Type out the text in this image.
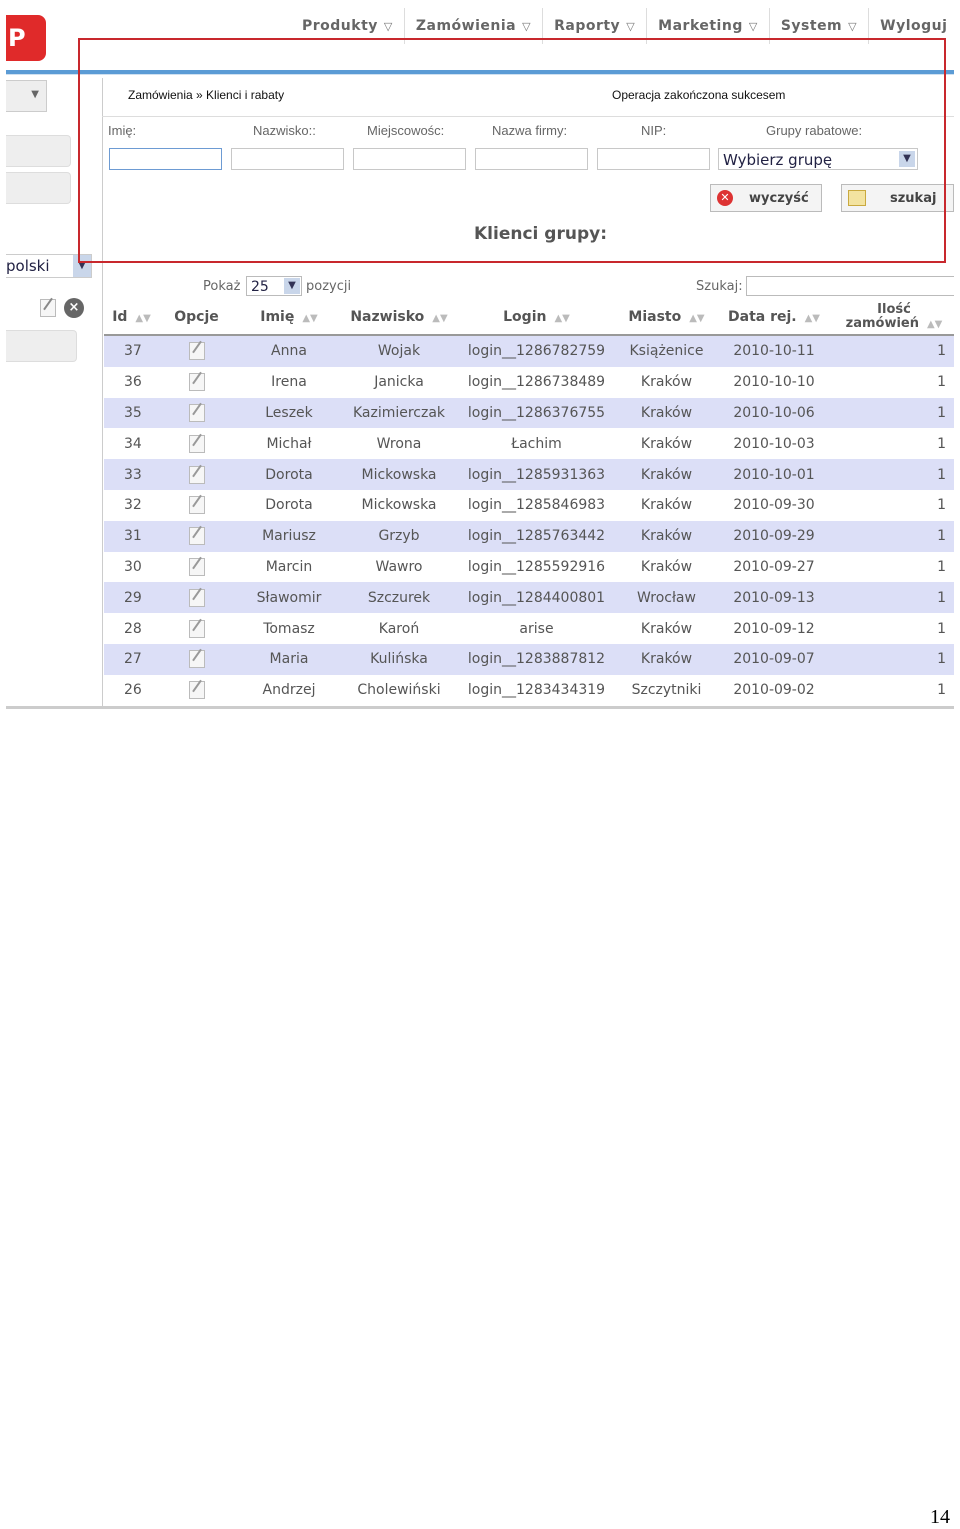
P	Produkty ▽ Zamówienia ▽ Raporty ▽ Marketing ▽ System ▽ Wyloguj
▼
polski	▼
×
Zamówienia » Klienci i rabaty	Operacja zakończona sukcesem
Imię:	Nazwisko::	Miejscowośc:	Nazwa firmy:	NIP:	Grupy rabatowe:
Wybierz grupę	▼
✕ wyczyść	szukaj
Klienci grupy:
Pokaż 25	▼ pozycji	Szukaj:
Id ▲▼	Opcje	Imię ▲▼	Nazwisko ▲▼	Login ▲▼	Miasto ▲▼	Data rej. ▲▼	Ilość zamówień ▲▼
37		Anna	Wojak	login__1286782759	Książenice	2010-10-11	1
36		Irena	Janicka	login__1286738489	Kraków	2010-10-10	1
35		Leszek	Kazimierczak	login__1286376755	Kraków	2010-10-06	1
34		Michał	Wrona	Łachim	Kraków	2010-10-03	1
33		Dorota	Mickowska	login__1285931363	Kraków	2010-10-01	1
32		Dorota	Mickowska	login__1285846983	Kraków	2010-09-30	1
31		Mariusz	Grzyb	login__1285763442	Kraków	2010-09-29	1
30		Marcin	Wawro	login__1285592916	Kraków	2010-09-27	1
29		Sławomir	Szczurek	login__1284400801	Wrocław	2010-09-13	1
28		Tomasz	Karoń	arise	Kraków	2010-09-12	1
27		Maria	Kulińska	login__1283887812	Kraków	2010-09-07	1
26		Andrzej	Cholewiński	login__1283434319	Szczytniki	2010-09-02	1
14
